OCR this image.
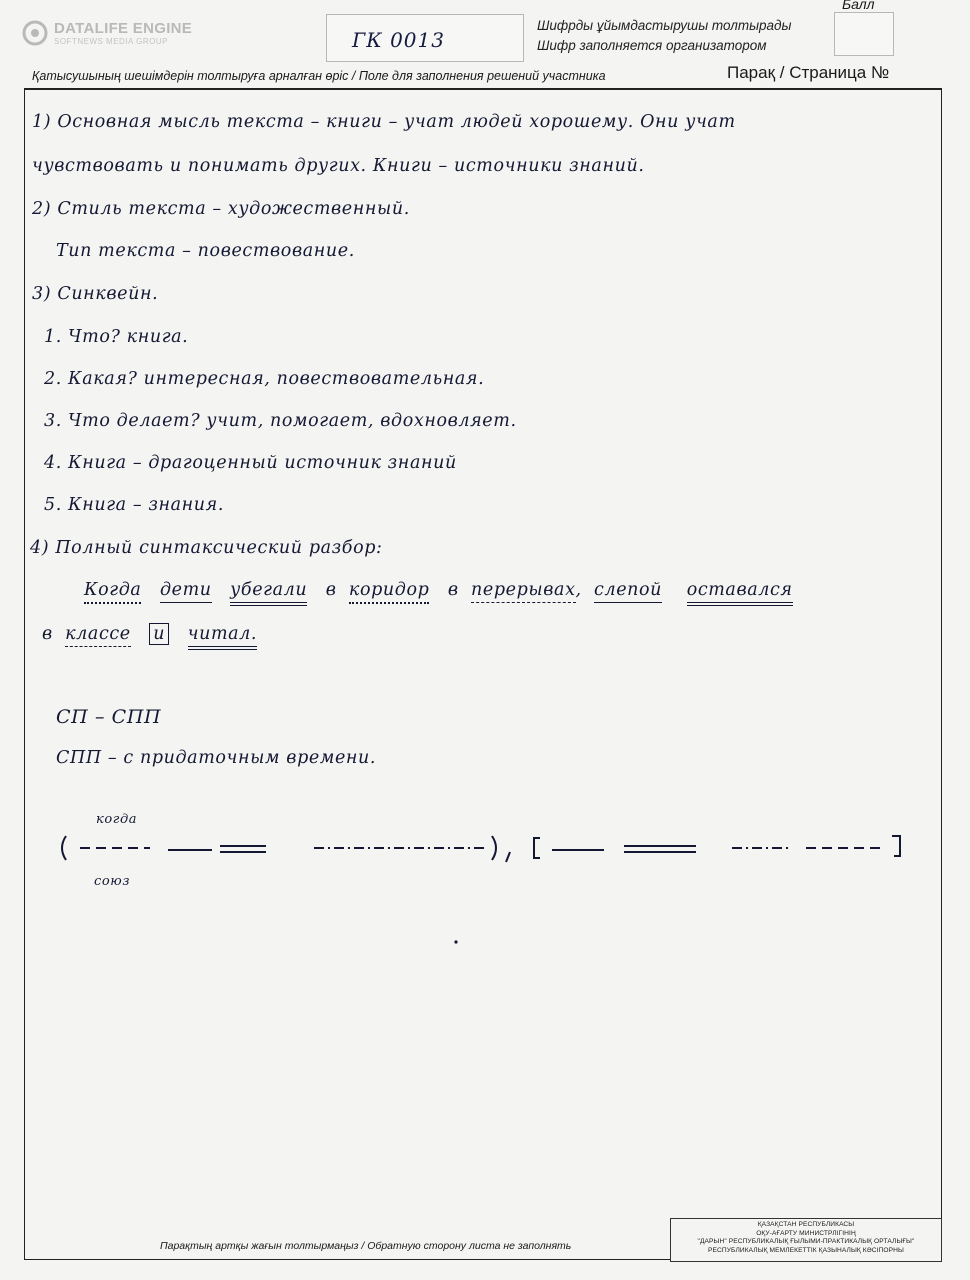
DATALIFE ENGINE
SOFTNEWS MEDIA GROUP	ГК 0013
Шифрды ұйымдастырушы толтырады
Шифр заполняется организатором
Балл
Қатысушының шешімдерін толтыруға арналған өріс / Поле для заполнения решений участника	Парақ / Страница №
1) Основная мысль текста – книги – учат людей хорошему. Они учат
чувствовать и понимать других. Книги – источники знаний.
2) Стиль текста – художественный.
Тип текста – повествование.
3) Синквейн.
1. Что? книга.
2. Какая? интересная, повествовательная.
3. Что делает? учит, помогает, вдохновляет.
4. Книга – драгоценный источник знаний
5. Книга – знания.
4) Полный синтаксический разбор:
Когда дети убегали в коридор в перерывах, слепой оставался
в классе и читал.
СП – СПП
СПП – с придаточным времени.
когда
союз
Парақтың артқы жағын толтырмаңыз / Обратную сторону листа не заполнять
ҚАЗАҚСТАН РЕСПУБЛИКАСЫ
ОҚУ-АҒАРТУ МИНИСТРЛІГІНІҢ
"ДАРЫН" РЕСПУБЛИКАЛЫҚ ҒЫЛЫМИ-ПРАКТИКАЛЫҚ ОРТАЛЫҒЫ"
РЕСПУБЛИКАЛЫҚ МЕМЛЕКЕТТІК ҚАЗЫНАЛЫҚ КӘСІПОРНЫ
